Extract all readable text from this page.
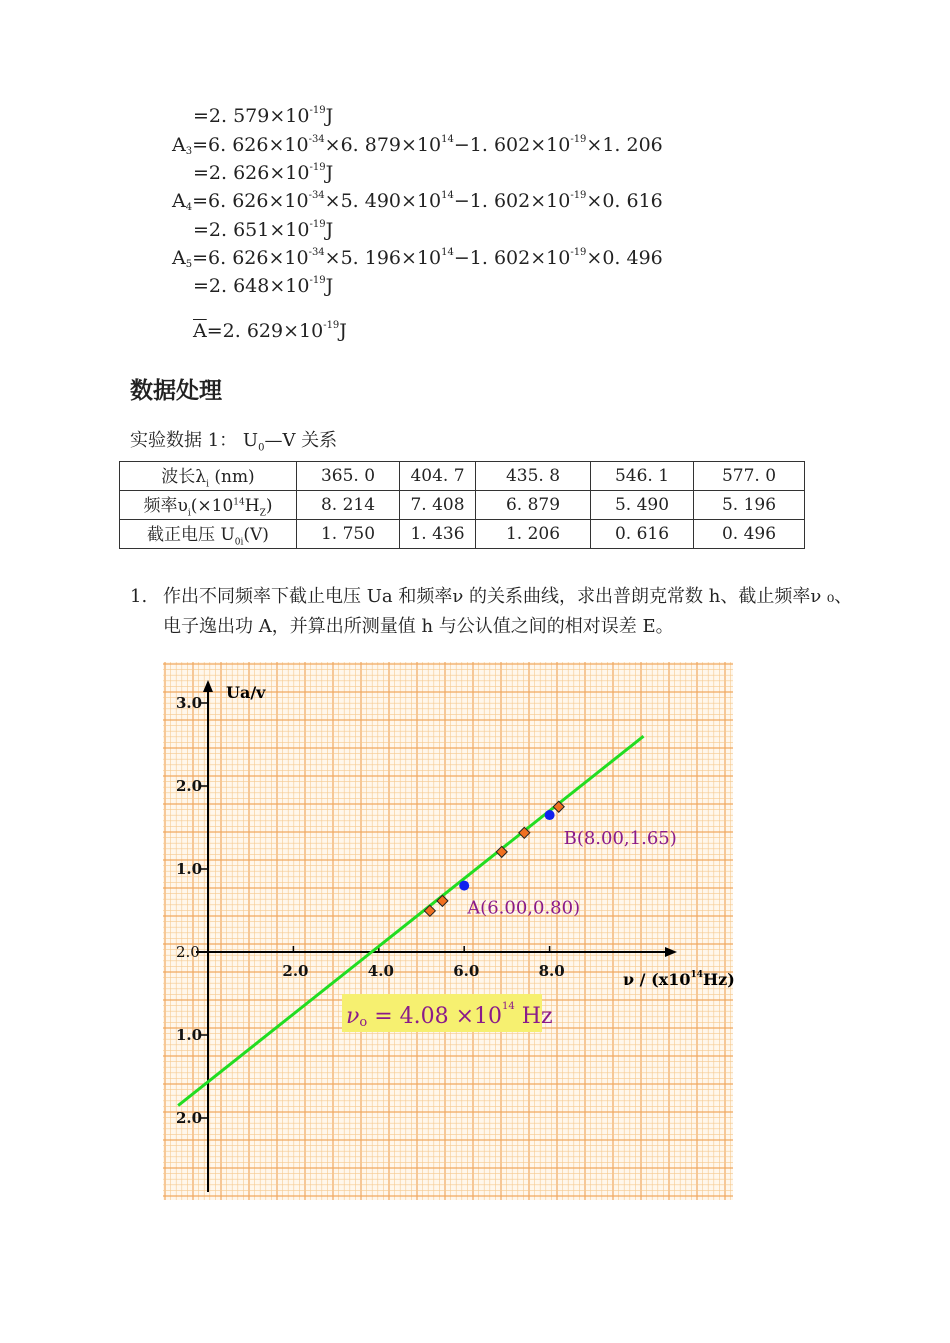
=2. $579\times 10^{-19}J$
$A_3=6$. $626\times 10^{-34}\times 6$. $879\times 10^{14}-1$. $602\times 10^{-19}\times 1$. 206
=2. $626\times 10^{-19}J$
$A_4=6$. $626\times 10^{-34}\times 5$. $490\times 10^{14}-1$. $602\times 10^{-19}\times 0$. 616
=2. $651\times 10^{-19}J$
$A_5=6$. $626\times 10^{-34}\times 5$. $196\times 10^{14}-1$. $602\times 10^{-19}\times 0$. 496
=2. $648\times 10^{-19}J$
$\overline{A}=2$. $629\times 10^{-19}J$
数据处理
实验数据 1： $U_0—V$ 关系
波长$\lambda_i$ (nm)	365. 0	404. 7	435. 8	546. 1	577. 0
频率$\upsilon_i(\times 10^{14}H_Z)$	8. 214	7. 408	6. 879	5. 490	5. 196
截正电压 $U_{0i}(V)$	1. 750	1. 436	1. 206	0. 616	0. 496
1. 作出不同频率下截止电压 Ua 和频率ν 的关系曲线，求出普朗克常数 h、截止频率ν ₀、电子逸出功 A，并算出所测量值 h 与公认值之间的相对误差 E。
2.0	4.0	6.0	8.0
3.0
2.0
1.0
2.0
1.0
2.0
$\nu o = 4.08 \times 10^{14}$ Hz
A(6.00,0.80)
B(8.00,1.65)
Ua/v
ν / $(x10^{14}Hz)$
